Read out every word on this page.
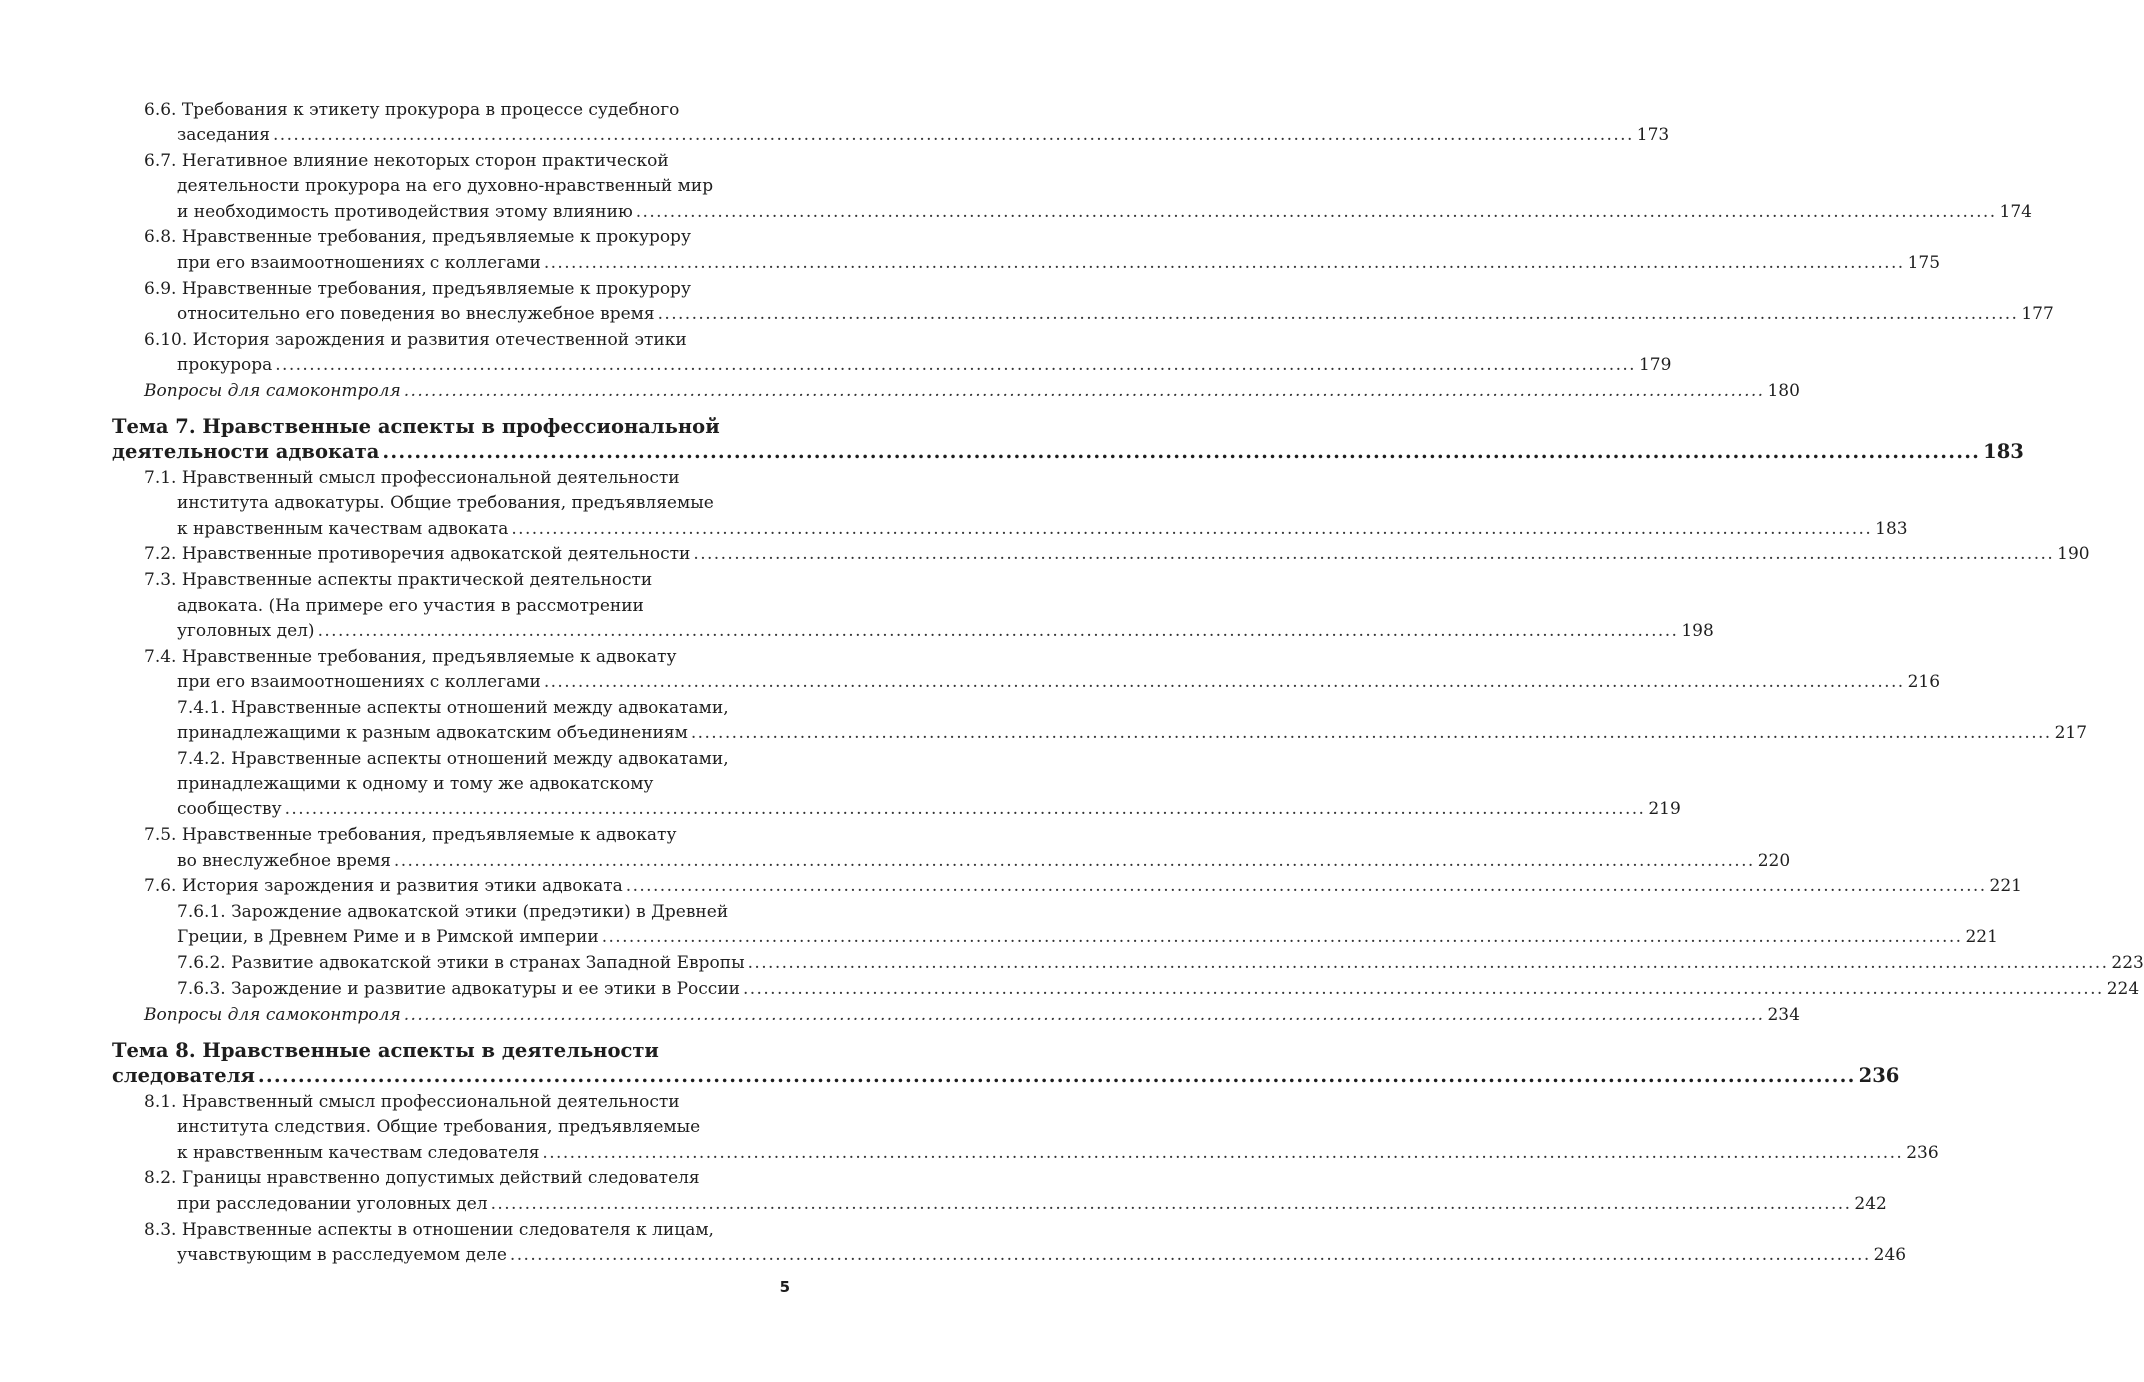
6.6. Требования к этикету прокурора в процессе судебного
заседания ........................................................................................................................................................................................................ 173
6.7. Негативное влияние некоторых сторон практической
деятельности прокурора на его духовно-нравственный мир
и необходимость противодействия этому влиянию ........................................................................................................................................................................................................ 174
6.8. Нравственные требования, предъявляемые к прокурору
при его взаимоотношениях с коллегами ........................................................................................................................................................................................................ 175
6.9. Нравственные требования, предъявляемые к прокурору
относительно его поведения во внеслужебное время ........................................................................................................................................................................................................ 177
6.10. История зарождения и развития отечественной этики
прокурора ........................................................................................................................................................................................................ 179
Вопросы для самоконтроля ........................................................................................................................................................................................................ 180
Тема 7. Нравственные аспекты в профессиональной
деятельности адвоката ........................................................................................................................................................................................................ 183
7.1. Нравственный смысл профессиональной деятельности
института адвокатуры. Общие требования, предъявляемые
к нравственным качествам адвоката ........................................................................................................................................................................................................ 183
7.2. Нравственные противоречия адвокатской деятельности ........................................................................................................................................................................................................ 190
7.3. Нравственные аспекты практической деятельности
адвоката. (На примере его участия в рассмотрении
уголовных дел) ........................................................................................................................................................................................................ 198
7.4. Нравственные требования, предъявляемые к адвокату
при его взаимоотношениях с коллегами ........................................................................................................................................................................................................ 216
7.4.1. Нравственные аспекты отношений между адвокатами,
принадлежащими к разным адвокатским объединениям ........................................................................................................................................................................................................ 217
7.4.2. Нравственные аспекты отношений между адвокатами,
принадлежащими к одному и тому же адвокатскому
сообществу ........................................................................................................................................................................................................ 219
7.5. Нравственные требования, предъявляемые к адвокату
во внеслужебное время ........................................................................................................................................................................................................ 220
7.6. История зарождения и развития этики адвоката ........................................................................................................................................................................................................ 221
7.6.1. Зарождение адвокатской этики (предэтики) в Древней
Греции, в Древнем Риме и в Римской империи ........................................................................................................................................................................................................ 221
7.6.2. Развитие адвокатской этики в странах Западной Европы ........................................................................................................................................................................................................ 223
7.6.3. Зарождение и развитие адвокатуры и ее этики в России ........................................................................................................................................................................................................ 224
Вопросы для самоконтроля ........................................................................................................................................................................................................ 234
Тема 8. Нравственные аспекты в деятельности
следователя ........................................................................................................................................................................................................ 236
8.1. Нравственный смысл профессиональной деятельности
института следствия. Общие требования, предъявляемые
к нравственным качествам следователя ........................................................................................................................................................................................................ 236
8.2. Границы нравственно допустимых действий следователя
при расследовании уголовных дел ........................................................................................................................................................................................................ 242
8.3. Нравственные аспекты в отношении следователя к лицам,
учавствующим в расследуемом деле ........................................................................................................................................................................................................ 246
5
